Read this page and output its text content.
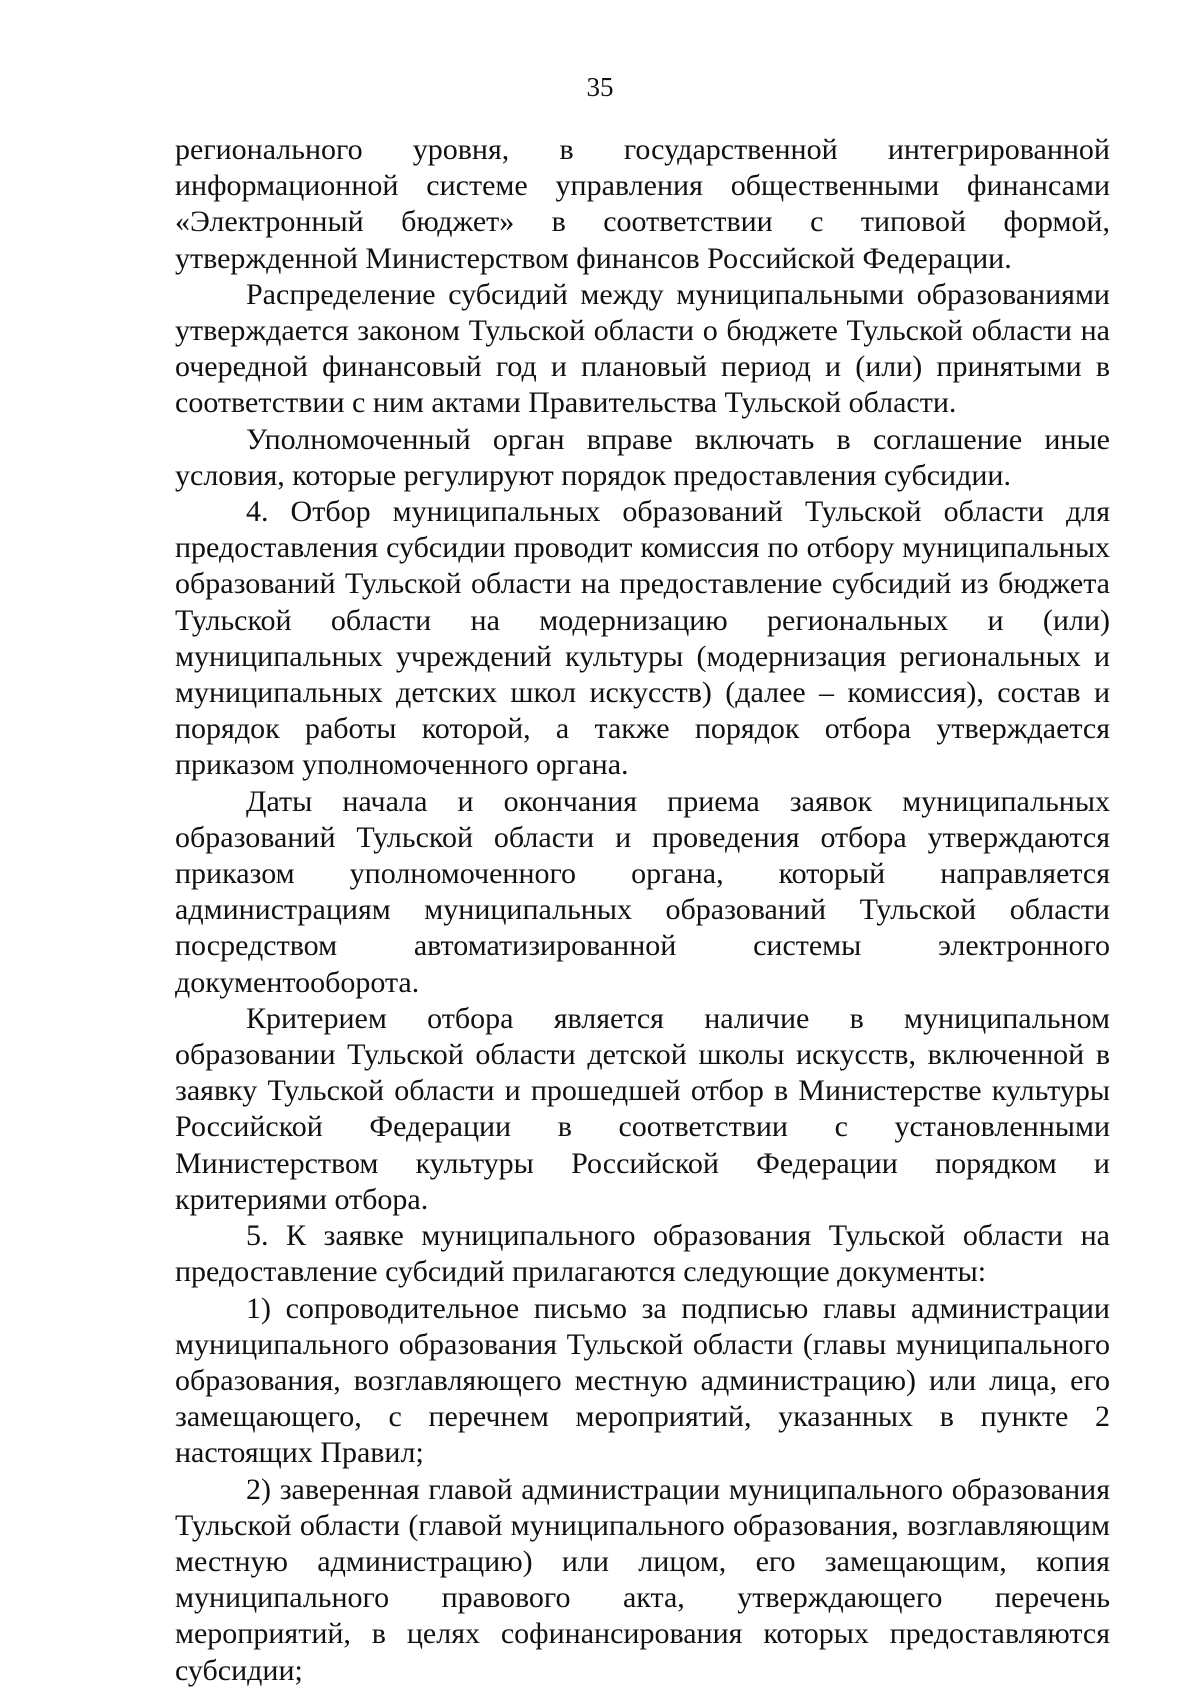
35

регионального уровня, в государственной интегрированной информационной системе управления общественными финансами «Электронный бюджет» в соответствии с типовой формой, утвержденной Министерством финансов Российской Федерации.

Распределение субсидий между муниципальными образованиями утверждается законом Тульской области о бюджете Тульской области на очередной финансовый год и плановый период и (или) принятыми в соответствии с ним актами Правительства Тульской области.

Уполномоченный орган вправе включать в соглашение иные условия, которые регулируют порядок предоставления субсидии.

4. Отбор муниципальных образований Тульской области для предоставления субсидии проводит комиссия по отбору муниципальных образований Тульской области на предоставление субсидий из бюджета Тульской области на модернизацию региональных и (или) муниципальных учреждений культуры (модернизация региональных и муниципальных детских школ искусств) (далее – комиссия), состав и порядок работы которой, а также порядок отбора утверждается приказом уполномоченного органа.

Даты начала и окончания приема заявок муниципальных образований Тульской области и проведения отбора утверждаются приказом уполномоченного органа, который направляется администрациям муниципальных образований Тульской области посредством автоматизированной системы электронного документооборота.

Критерием отбора является наличие в муниципальном образовании Тульской области детской школы искусств, включенной в заявку Тульской области и прошедшей отбор в Министерстве культуры Российской Федерации в соответствии с установленными Министерством культуры Российской Федерации порядком и критериями отбора.

5. К заявке муниципального образования Тульской области на предоставление субсидий прилагаются следующие документы:

1) сопроводительное письмо за подписью главы администрации муниципального образования Тульской области (главы муниципального образования, возглавляющего местную администрацию) или лица, его замещающего, с перечнем мероприятий, указанных в пункте 2 настоящих Правил;

2) заверенная главой администрации муниципального образования Тульской области (главой муниципального образования, возглавляющим местную администрацию) или лицом, его замещающим, копия муниципального правового акта, утверждающего перечень мероприятий, в целях софинансирования которых предоставляются субсидии;
